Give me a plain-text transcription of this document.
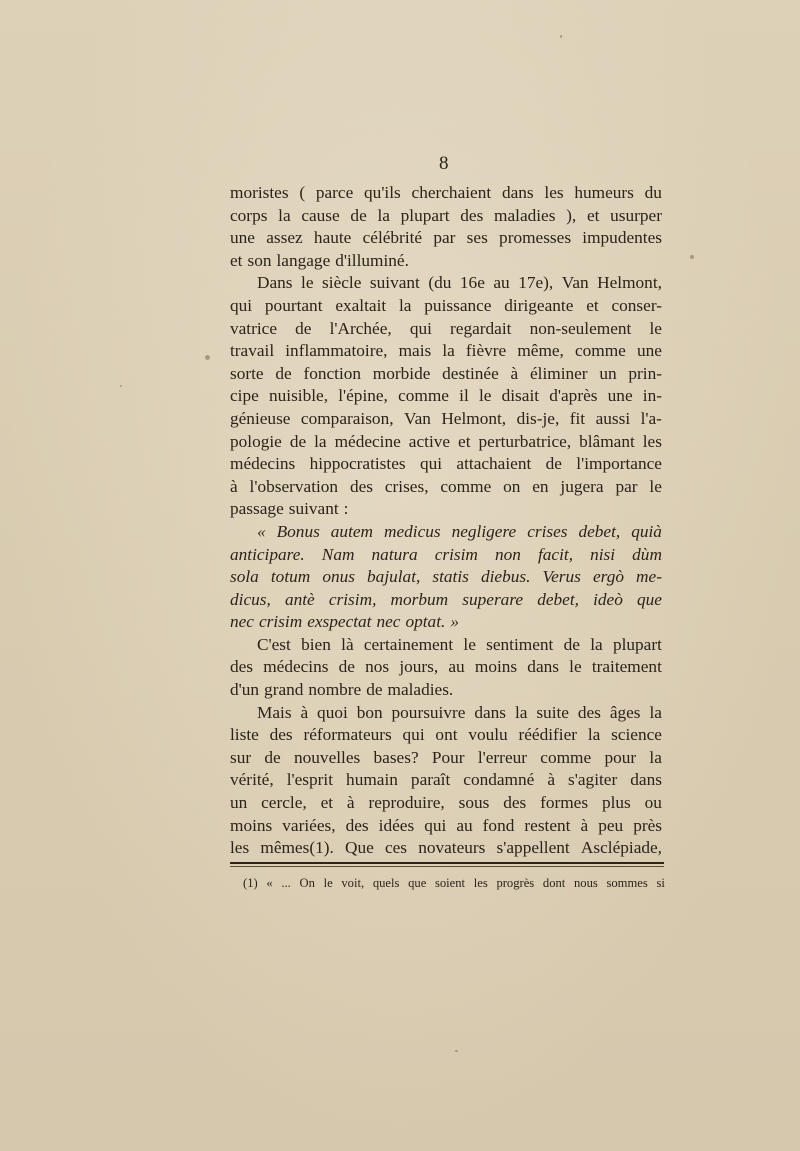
8
moristes ( parce qu'ils cherchaient dans les humeurs du
corps la cause de la plupart des maladies ), et usurper
une assez haute célébrité par ses promesses impudentes
et son langage d'illuminé.
Dans le siècle suivant (du 16e au 17e), Van Helmont,
qui pourtant exaltait la puissance dirigeante et conser-
vatrice de l'Archée, qui regardait non-seulement le
travail inflammatoire, mais la fièvre même, comme une
sorte de fonction morbide destinée à éliminer un prin-
cipe nuisible, l'épine, comme il le disait d'après une in-
génieuse comparaison, Van Helmont, dis-je, fit aussi l'a-
pologie de la médecine active et perturbatrice, blâmant les
médecins hippocratistes qui attachaient de l'importance
à l'observation des crises, comme on en jugera par le
passage suivant :
« Bonus autem medicus negligere crises debet, quià
anticipare. Nam natura crisim non facit, nisi dùm
sola totum onus bajulat, statis diebus. Verus ergò me-
dicus, antè crisim, morbum superare debet, ideò que
nec crisim exspectat nec optat. »
C'est bien là certainement le sentiment de la plupart
des médecins de nos jours, au moins dans le traitement
d'un grand nombre de maladies.
Mais à quoi bon poursuivre dans la suite des âges la
liste des réformateurs qui ont voulu réédifier la science
sur de nouvelles bases? Pour l'erreur comme pour la
vérité, l'esprit humain paraît condamné à s'agiter dans
un cercle, et à reproduire, sous des formes plus ou
moins variées, des idées qui au fond restent à peu près
les mêmes(1). Que ces novateurs s'appellent Asclépiade,
(1) « ... On le voit, quels que soient les progrès dont nous sommes si
